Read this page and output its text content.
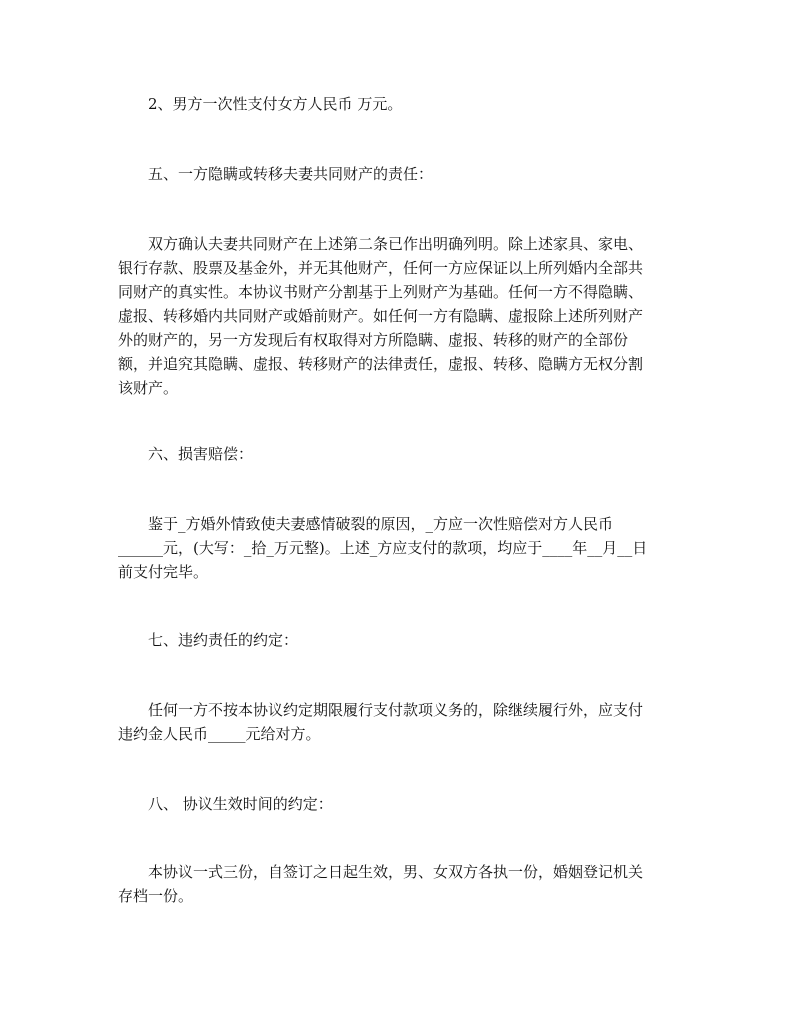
2、男方一次性支付女方人民币 万元。
五、一方隐瞒或转移夫妻共同财产的责任：
双方确认夫妻共同财产在上述第二条已作出明确列明。除上述家具、家电、
银行存款、股票及基金外，并无其他财产，任何一方应保证以上所列婚内全部共
同财产的真实性。本协议书财产分割基于上列财产为基础。任何一方不得隐瞒、
虚报、转移婚内共同财产或婚前财产。如任何一方有隐瞒、虚报除上述所列财产
外的财产的，另一方发现后有权取得对方所隐瞒、虚报、转移的财产的全部份
额，并追究其隐瞒、虚报、转移财产的法律责任，虚报、转移、隐瞒方无权分割
该财产。
六、损害赔偿：
鉴于_方婚外情致使夫妻感情破裂的原因，_方应一次性赔偿对方人民币
______元，(大写：_拾_万元整)。上述_方应支付的款项，均应于____年__月__日
前支付完毕。
七、违约责任的约定：
任何一方不按本协议约定期限履行支付款项义务的，除继续履行外，应支付
违约金人民币_____元给对方。
八、 协议生效时间的约定：
本协议一式三份，自签订之日起生效，男、女双方各执一份，婚姻登记机关
存档一份。
